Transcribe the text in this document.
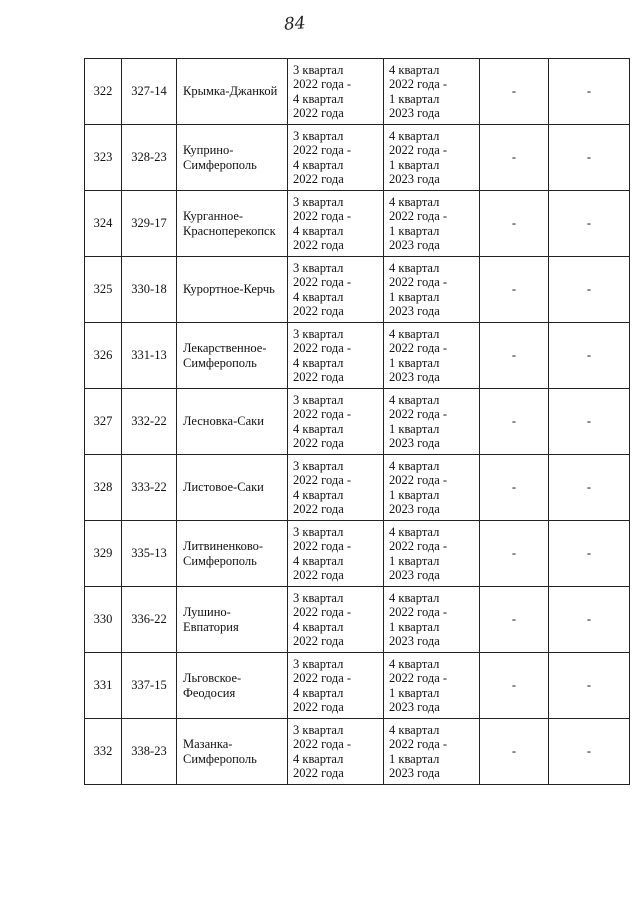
84
322	327-14	Крымка-Джанкой	3 квартал
2022 года -
4 квартал
2022 года	4 квартал
2022 года -
1 квартал
2023 года	-	-

323	328-23	Куприно-
Симферополь	3 квартал
2022 года -
4 квартал
2022 года	4 квартал
2022 года -
1 квартал
2023 года	-	-

324	329-17	Курганное-
Краснoперекопск	3 квартал
2022 года -
4 квартал
2022 года	4 квартал
2022 года -
1 квартал
2023 года	-	-

325	330-18	Курортное-Керчь	3 квартал
2022 года -
4 квартал
2022 года	4 квартал
2022 года -
1 квартал
2023 года	-	-

326	331-13	Лекарственное-
Симферополь	3 квартал
2022 года -
4 квартал
2022 года	4 квартал
2022 года -
1 квартал
2023 года	-	-

327	332-22	Лесновка-Саки	3 квартал
2022 года -
4 квартал
2022 года	4 квартал
2022 года -
1 квартал
2023 года	-	-

328	333-22	Листовое-Саки	3 квартал
2022 года -
4 квартал
2022 года	4 квартал
2022 года -
1 квартал
2023 года	-	-

329	335-13	Литвиненково-
Симферополь	3 квартал
2022 года -
4 квартал
2022 года	4 квартал
2022 года -
1 квартал
2023 года	-	-

330	336-22	Лушино-
Евпатория	3 квартал
2022 года -
4 квартал
2022 года	4 квартал
2022 года -
1 квартал
2023 года	-	-

331	337-15	Льговское-
Феодосия	3 квартал
2022 года -
4 квартал
2022 года	4 квартал
2022 года -
1 квартал
2023 года	-	-

332	338-23	Мазанка-
Симферополь	3 квартал
2022 года -
4 квартал
2022 года	4 квартал
2022 года -
1 квартал
2023 года	-	-
